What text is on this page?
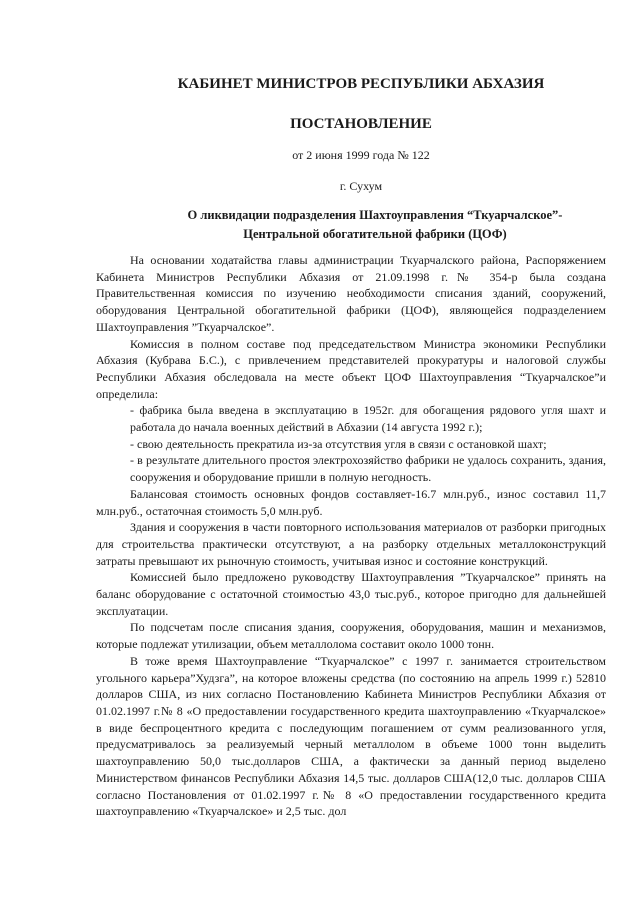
КАБИНЕТ МИНИСТРОВ РЕСПУБЛИКИ АБХАЗИЯ
ПОСТАНОВЛЕНИЕ
от 2 июня 1999 года № 122
г. Сухум
О ликвидации подразделения Шахтоуправления “Ткуарчалское”-
Центральной обогатительной фабрики (ЦОФ)

На основании ходатайства главы администрации Ткуарчалского района, Распоряжением Кабинета Министров Республики Абхазия от 21.09.1998 г.№ 354-р была создана Правительственная комиссия по изучению необходимости списания зданий, сооружений, оборудования Центральной обогатительной фабрики (ЦОФ), являющейся подразделением Шахтоуправления ”Ткуарчалское”.

Комиссия в полном составе под председательством Министра экономики Республики Абхазия (Кубрава Б.С.), с привлечением представителей прокуратуры и налоговой службы Республики Абхазия обследовала на месте объект ЦОФ Шахтоуправления “Ткуарчалское”и определила:

- фабрика была введена в эксплуатацию в 1952г. для обогащения рядового угля шахт и работала до начала военных действий в Абхазии (14 августа 1992 г.);

- свою деятельность прекратила из-за отсутствия угля в связи с остановкой шахт;

- в результате длительного простоя электрохозяйство фабрики не удалось сохранить, здания, сооружения и оборудование пришли в полную негодность.

Балансовая стоимость основных фондов составляет-16.7 млн.руб., износ составил 11,7 млн.руб., остаточная стоимость 5,0 млн.руб.

Здания и сооружения в части повторного использования материалов от разборки пригодных для строительства практически отсутствуют, а на разборку отдельных металлоконструкций затраты превышают их рыночную стоимость, учитывая износ и состояние конструкций.

Комиссией было предложено руководству Шахтоуправления ”Ткуарчалское” принять на баланс оборудование с остаточной стоимостью 43,0 тыс.руб., которое пригодно для дальнейшей эксплуатации.

По подсчетам после списания здания, сооружения, оборудования, машин и механизмов, которые подлежат утилизации, объем металлолома составит около 1000 тонн.

В тоже время Шахтоуправление “Ткуарчалское” с 1997 г. занимается строительством угольного карьера”Худзга”, на которое вложены средства (по состоянию на апрель 1999 г.) 52810 долларов США, из них согласно Постановлению Кабинета Министров Республики Абхазия от 01.02.1997 г.№ 8 «О предоставлении государственного кредита шахтоуправлению «Ткуарчалское» в виде беспроцентного кредита с последующим погашением от сумм реализованного угля, предусматривалось за реализуемый черный металлолом в объеме 1000 тонн выделить шахтоуправлению 50,0 тыс.долларов США, а фактически за данный период выделено Министерством финансов Республики Абхазия 14,5 тыс. долларов США(12,0 тыс. долларов США согласно Постановления от 01.02.1997 г.№ 8 «О предоставлении государственного кредита шахтоуправлению «Ткуарчалское» и 2,5 тыс. дол
